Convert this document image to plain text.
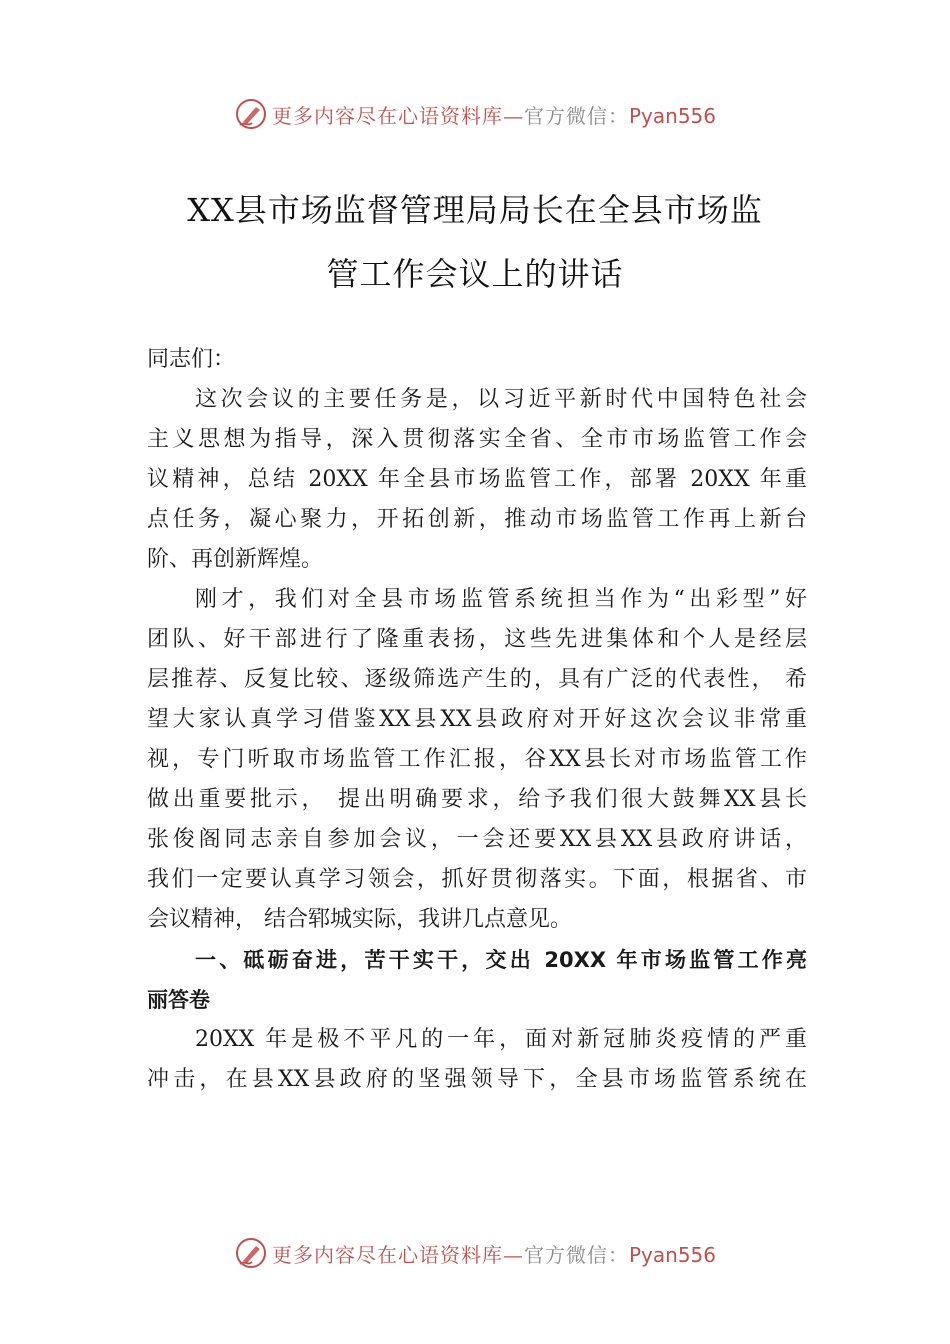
更多内容尽在心语资料库—官方微信：Pyan556
XX县市场监督管理局局长在全县市场监
管工作会议上的讲话
同志们：
这次会议的主要任务是，以习近平新时代中国特色社会
主义思想为指导，深入贯彻落实全省、全市市场监管工作会
议精神，总结 20XX 年全县市场监管工作，部署 20XX 年重
点任务，凝心聚力，开拓创新，推动市场监管工作再上新台
阶、再创新辉煌。
刚才，我们对全县市场监管系统担当作为“出彩型”好
团队、好干部进行了隆重表扬，这些先进集体和个人是经层
层推荐、反复比较、逐级筛选产生的，具有广泛的代表性， 希
望大家认真学习借鉴XX县XX县政府对开好这次会议非常重
视，专门听取市场监管工作汇报，谷XX县长对市场监管工作
做出重要批示， 提出明确要求，给予我们很大鼓舞XX县长
张俊阁同志亲自参加会议，一会还要XX县XX县政府讲话，
我们一定要认真学习领会，抓好贯彻落实。下面，根据省、市
会议精神， 结合郓城实际，我讲几点意见。
一、砥砺奋进，苦干实干，交出 20XX 年市场监管工作亮
丽答卷
20XX 年是极不平凡的一年，面对新冠肺炎疫情的严重
冲击，在县XX县政府的坚强领导下，全县市场监管系统在
更多内容尽在心语资料库—官方微信：Pyan556
